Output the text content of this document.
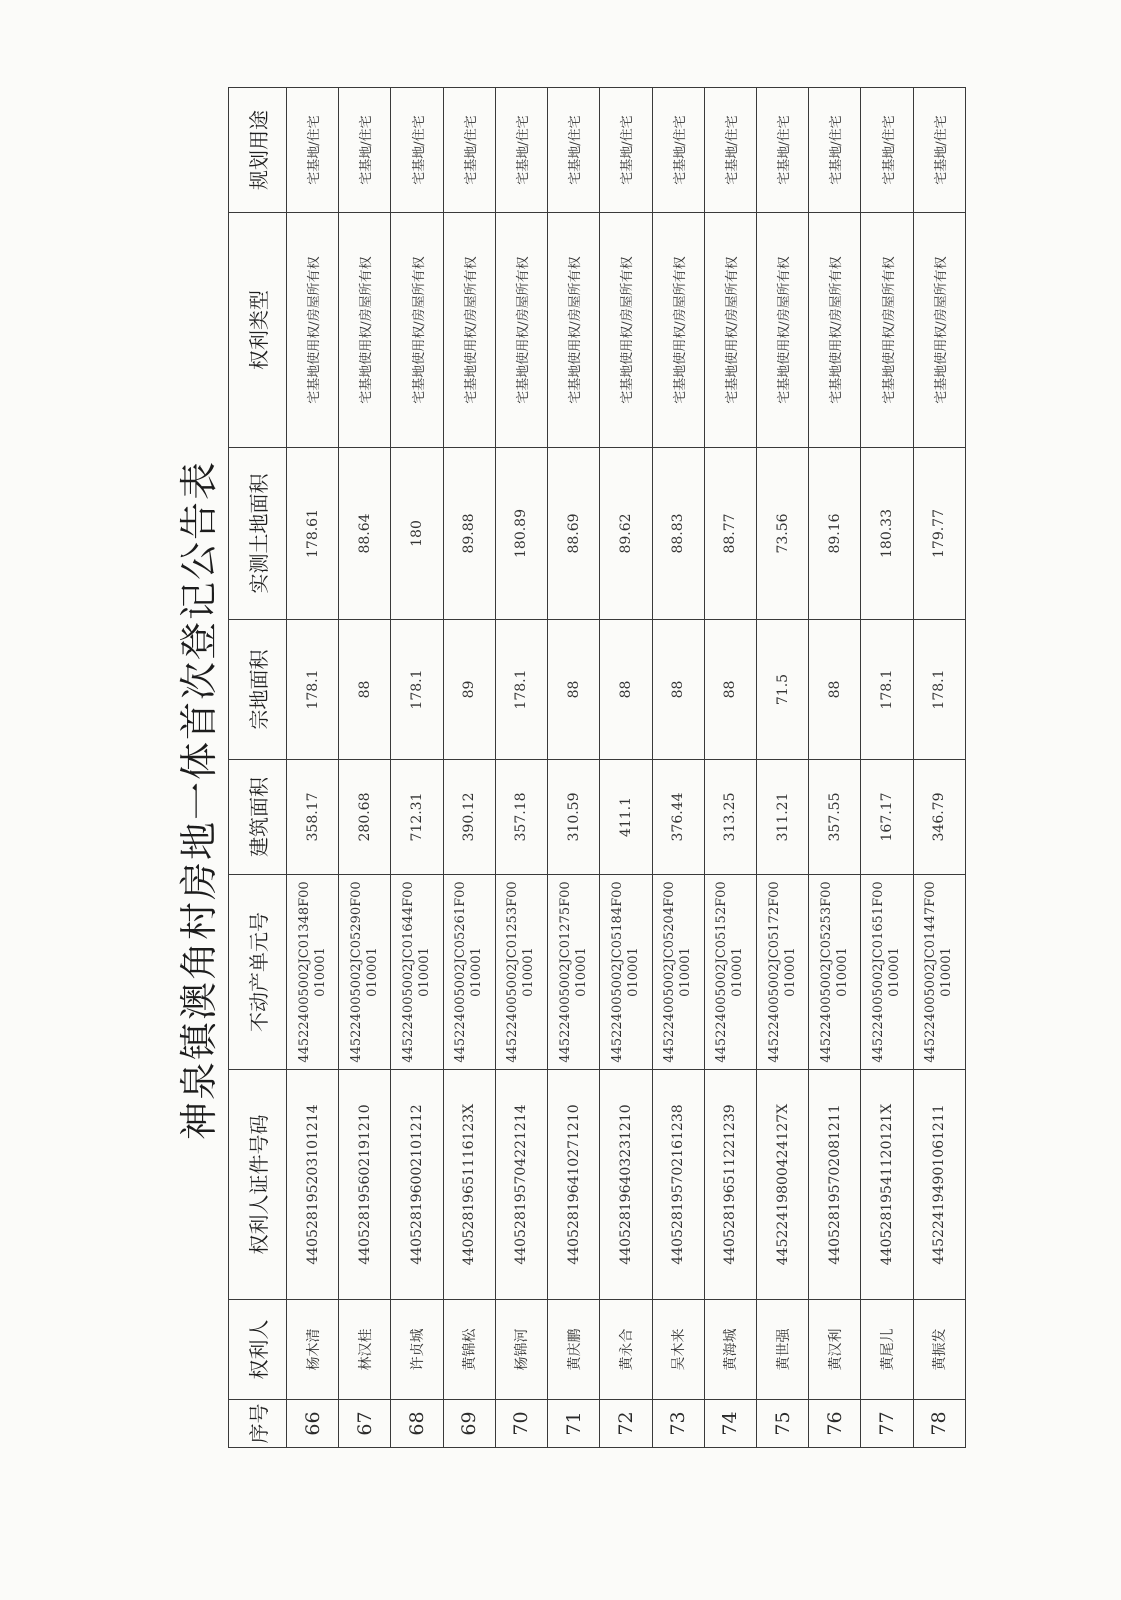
神泉镇澳角村房地一体首次登记公告表
序号	权利人	权利人证件号码	不动产单元号	建筑面积	宗地面积	实测土地面积	权利类型	规划用途
66	杨木清	440528195203101214	445224005002JC01348F00010001	358.17	178.1	178.61	宅基地使用权/房屋所有权	宅基地/住宅
67	林汉桂	440528195602191210	445224005002JC05290F00010001	280.68	88	88.64	宅基地使用权/房屋所有权	宅基地/住宅
68	许贞城	440528196002101212	445224005002JC01644F00010001	712.31	178.1	180	宅基地使用权/房屋所有权	宅基地/住宅
69	黄锦松	44052819651116123X	445224005002JC05261F00010001	390.12	89	89.88	宅基地使用权/房屋所有权	宅基地/住宅
70	杨锦河	440528195704221214	445224005002JC01253F00010001	357.18	178.1	180.89	宅基地使用权/房屋所有权	宅基地/住宅
71	黄庆鹏	440528196410271210	445224005002JC01275F00010001	310.59	88	88.69	宅基地使用权/房屋所有权	宅基地/住宅
72	黄永合	440528196403231210	445224005002JC05184F00010001	411.1	88	89.62	宅基地使用权/房屋所有权	宅基地/住宅
73	吴木来	440528195702161238	445224005002JC05204F00010001	376.44	88	88.83	宅基地使用权/房屋所有权	宅基地/住宅
74	黄海城	440528196511221239	445224005002JC05152F00010001	313.25	88	88.77	宅基地使用权/房屋所有权	宅基地/住宅
75	黄世强	44522419800424127X	445224005002JC05172F00010001	311.21	71.5	73.56	宅基地使用权/房屋所有权	宅基地/住宅
76	黄汉利	440528195702081211	445224005002JC05253F00010001	357.55	88	89.16	宅基地使用权/房屋所有权	宅基地/住宅
77	黄尾儿	44052819541120121X	445224005002JC01651F00010001	167.17	178.1	180.33	宅基地使用权/房屋所有权	宅基地/住宅
78	黄振发	445224194901061211	445224005002JC01447F00010001	346.79	178.1	179.77	宅基地使用权/房屋所有权	宅基地/住宅
